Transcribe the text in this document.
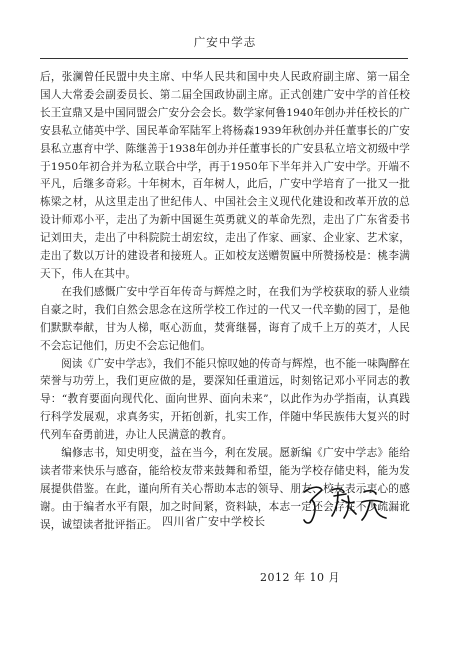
广安中学志

后，张澜曾任民盟中央主席、中华人民共和国中央人民政府副主席、第一届全国人大常委会副委员长、第二届全国政协副主席。正式创建广安中学的首任校长王宣鼎又是中国同盟会广安分会会长。数学家何鲁1940年创办并任校长的广安县私立储英中学、国民革命军陆军上将杨森1939年秋创办并任董事长的广安县私立惠育中学、陈继善于1938年创办并任董事长的广安县私立培文初级中学于1950年初合并为私立联合中学，再于1950年下半年并入广安中学。开端不平凡，后继多奇彩。十年树木，百年树人，此后，广安中学培育了一批又一批栋梁之材，从这里走出了世纪伟人、中国社会主义现代化建设和改革开放的总设计师邓小平，走出了为新中国诞生英勇就义的革命先烈，走出了广东省委书记刘田夫，走出了中科院院士胡宏纹，走出了作家、画家、企业家、艺术家，走出了数以万计的建设者和接班人。正如校友送赠贺匾中所赞扬校是：桃李满天下，伟人在其中。

在我们感慨广安中学百年传奇与辉煌之时，在我们为学校获取的骄人业绩自豪之时，我们自然会思念在这所学校工作过的一代又一代辛勤的园丁，是他们默默奉献，甘为人梯，呕心沥血，焚膏继晷，诲育了成千上万的英才，人民不会忘记他们，历史不会忘记他们。

阅读《广安中学志》，我们不能只惊叹她的传奇与辉煌，也不能一味陶醉在荣誉与功劳上，我们更应做的是，要深知任重道远，时刻铭记邓小平同志的教导：“教育要面向现代化、面向世界、面向未来”，以此作为办学指南，认真践行科学发展观，求真务实，开拓创新，扎实工作，伴随中华民族伟大复兴的时代列车奋勇前进，办让人民满意的教育。

编修志书，知史明变，益在当今，利在发展。愿新编《广安中学志》能给读者带来快乐与感奋，能给校友带来鼓舞和希望，能为学校存储史料，能为发展提供借鉴。在此，谨向所有关心帮助本志的领导、朋友、校友表示衷心的感谢。由于编者水平有限，加之时间紧，资料缺，本志一定还会存在不少疏漏讹误，诚望读者批评指正。 四川省广安中学校长
2012 年 10 月
